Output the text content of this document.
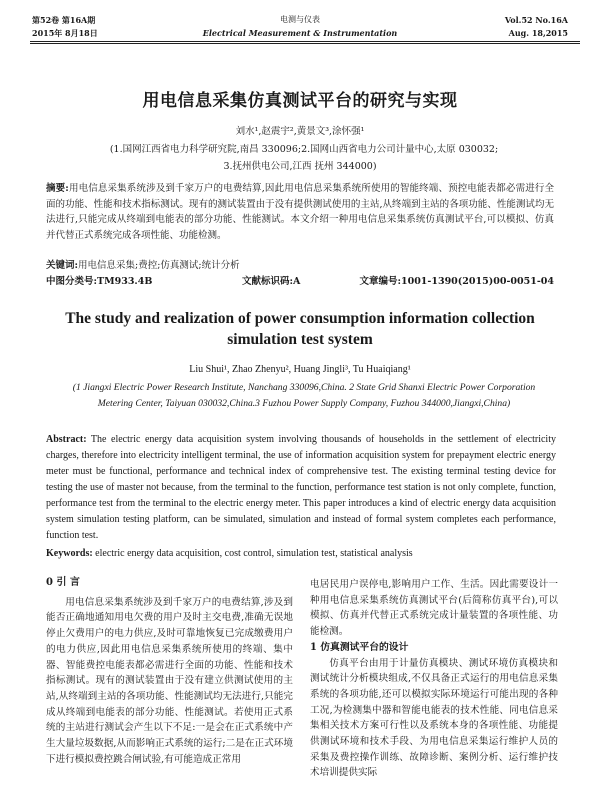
第52卷 第16A期
2015年 8月18日
电测与仪表
Electrical Measurement & Instrumentation
Vol.52 No.16A
Aug. 18,2015
用电信息采集仿真测试平台的研究与实现
刘水¹,赵震宇²,黄景文³,涂怀强¹
(1.国网江西省电力科学研究院,南昌 330096;2.国网山西省电力公司计量中心,太原 030032;
3.抚州供电公司,江西 抚州 344000)
摘要:用电信息采集系统涉及到千家万户的电费结算,因此用电信息采集系统所使用的智能终端、预控电能表都必需进行全面的功能、性能和技术指标测试。现有的测试装置由于没有提供测试使用的主站,从终端到主站的各项功能、性能测试均无法进行,只能完成从终端到电能表的部分功能、性能测试。本文介绍一种用电信息采集系统仿真测试平台,可以模拟、仿真并代替正式系统完成各项性能、功能检测。
关键词:用电信息采集;费控;仿真测试;统计分析
中图分类号:TM933.4B	文献标识码:A	文章编号:1001-1390(2015)00-0051-04
The study and realization of power consumption information collection
simulation test system
Liu Shui¹, Zhao Zhenyu², Huang Jingli³, Tu Huaiqiang¹
(1 Jiangxi Electric Power Research Institute, Nanchang 330096,China. 2 State Grid Shanxi Electric Power Corporation
Metering Center, Taiyuan 030032,China.3 Fuzhou Power Supply Company, Fuzhou 344000,Jiangxi,China)
Abstract: The electric energy data acquisition system involving thousands of households in the settlement of electricity charges, therefore into electricity intelligent terminal, the use of information acquisition system for prepayment electric energy meter must be functional, performance and technical index of comprehensive test. The existing terminal testing device for testing the use of master not because, from the terminal to the function, performance test station is not only complete, function, performance test from the terminal to the electric energy meter. This paper introduces a kind of electric energy data acquisition system simulation testing platform, can be simulated, simulation and instead of formal system completes each performance, function test.
Keywords: electric energy data acquisition, cost control, simulation test, statistical analysis
0 引 言
用电信息采集系统涉及到千家万户的电费结算,涉及到能否正确地通知用电欠费的用户及时主交电费,准确无误地停止欠费用户的电力供应,及时可靠地恢复已完成缴费用户的电力供应,因此用电信息采集系统所使用的终端、集中器、智能费控电能表都必需进行全面的功能、性能和技术指标测试。现有的测试装置由于没有建立供测试使用的主站,从终端到主站的各项功能、性能测试均无法进行,只能完成从终端到电能表的部分功能、性能测试。若使用正式系统的主站进行测试会产生以下不足:一是会在正式系统中产生大量垃圾数据,从而影响正式系统的运行;二是在正式环境下进行模拟费控跳合闸试验,有可能造成正常用
电居民用户误停电,影响用户工作、生活。因此需要设计一种用电信息采集系统仿真测试平台(后简称仿真平台),可以模拟、仿真并代替正式系统完成计量装置的各项性能、功能检测。
1 仿真测试平台的设计
仿真平台由用于计量仿真模块、测试环境仿真模块和测试统计分析模块组成,不仅具备正式运行的用电信息采集系统的各项功能,还可以模拟实际环境运行可能出现的各种工况,为检测集中器和智能电能表的技术性能、同电信息采集相关技术方案可行性以及系统本身的各项性能、功能提供测试环境和技术手段、为用电信息采集运行维护人员的采集及费控操作训练、故障诊断、案例分析、运行维护技术培训提供实际
